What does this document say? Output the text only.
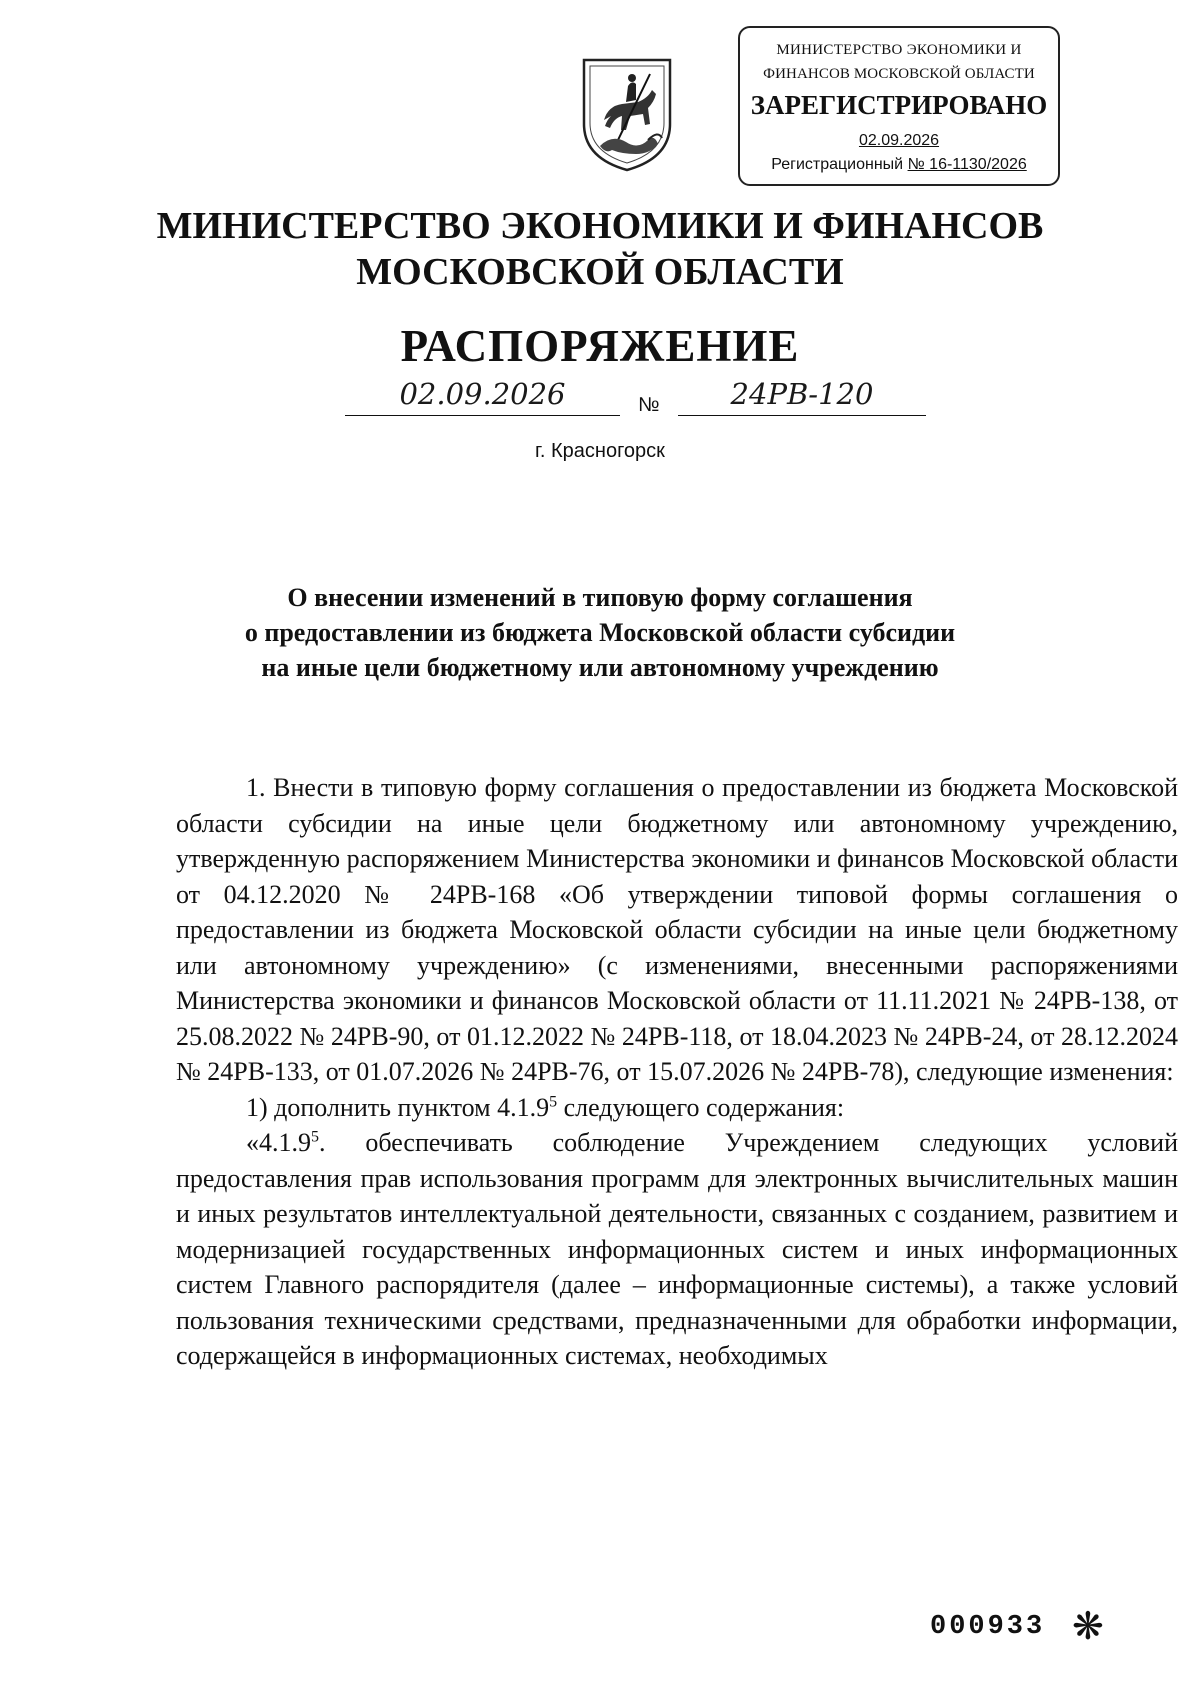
МИНИСТЕРСТВО ЭКОНОМИКИ И
ФИНАНСОВ МОСКОВСКОЙ ОБЛАСТИ
ЗАРЕГИСТРИРОВАНО
02.09.2026
Регистрационный № 16-1130/2026
МИНИСТЕРСТВО ЭКОНОМИКИ И ФИНАНСОВ
МОСКОВСКОЙ ОБЛАСТИ
РАСПОРЯЖЕНИЕ
02.09.2026	№	24РВ-120
г. Красногорск
О внесении изменений в типовую форму соглашения
о предоставлении из бюджета Московской области субсидии
на иные цели бюджетному или автономному учреждению

1. Внести в типовую форму соглашения о предоставлении из бюджета Московской области субсидии на иные цели бюджетному или автономному учреждению, утвержденную распоряжением Министерства экономики и финансов Московской области от 04.12.2020 № 24РВ-168 «Об утверждении типовой формы соглашения о предоставлении из бюджета Московской области субсидии на иные цели бюджетному или автономному учреждению» (с изменениями, внесенными распоряжениями Министерства экономики и финансов Московской области от 11.11.2021 № 24РВ-138, от 25.08.2022 № 24РВ-90, от 01.12.2022 № 24РВ-118, от 18.04.2023 № 24РВ-24, от 28.12.2024 № 24РВ-133, от 01.07.2026 № 24РВ-76, от 15.07.2026 № 24РВ-78), следующие изменения:

1) дополнить пунктом 4.1.9$^5$ следующего содержания:

«4.1.9$^5$. обеспечивать соблюдение Учреждением следующих условий предоставления прав использования программ для электронных вычислительных машин и иных результатов интеллектуальной деятельности, связанных с созданием, развитием и модернизацией государственных информационных систем и иных информационных систем Главного распорядителя (далее – информационные системы), а также условий пользования техническими средствами, предназначенными для обработки информации, содержащейся в информационных системах, необходимых

000933 ❋
